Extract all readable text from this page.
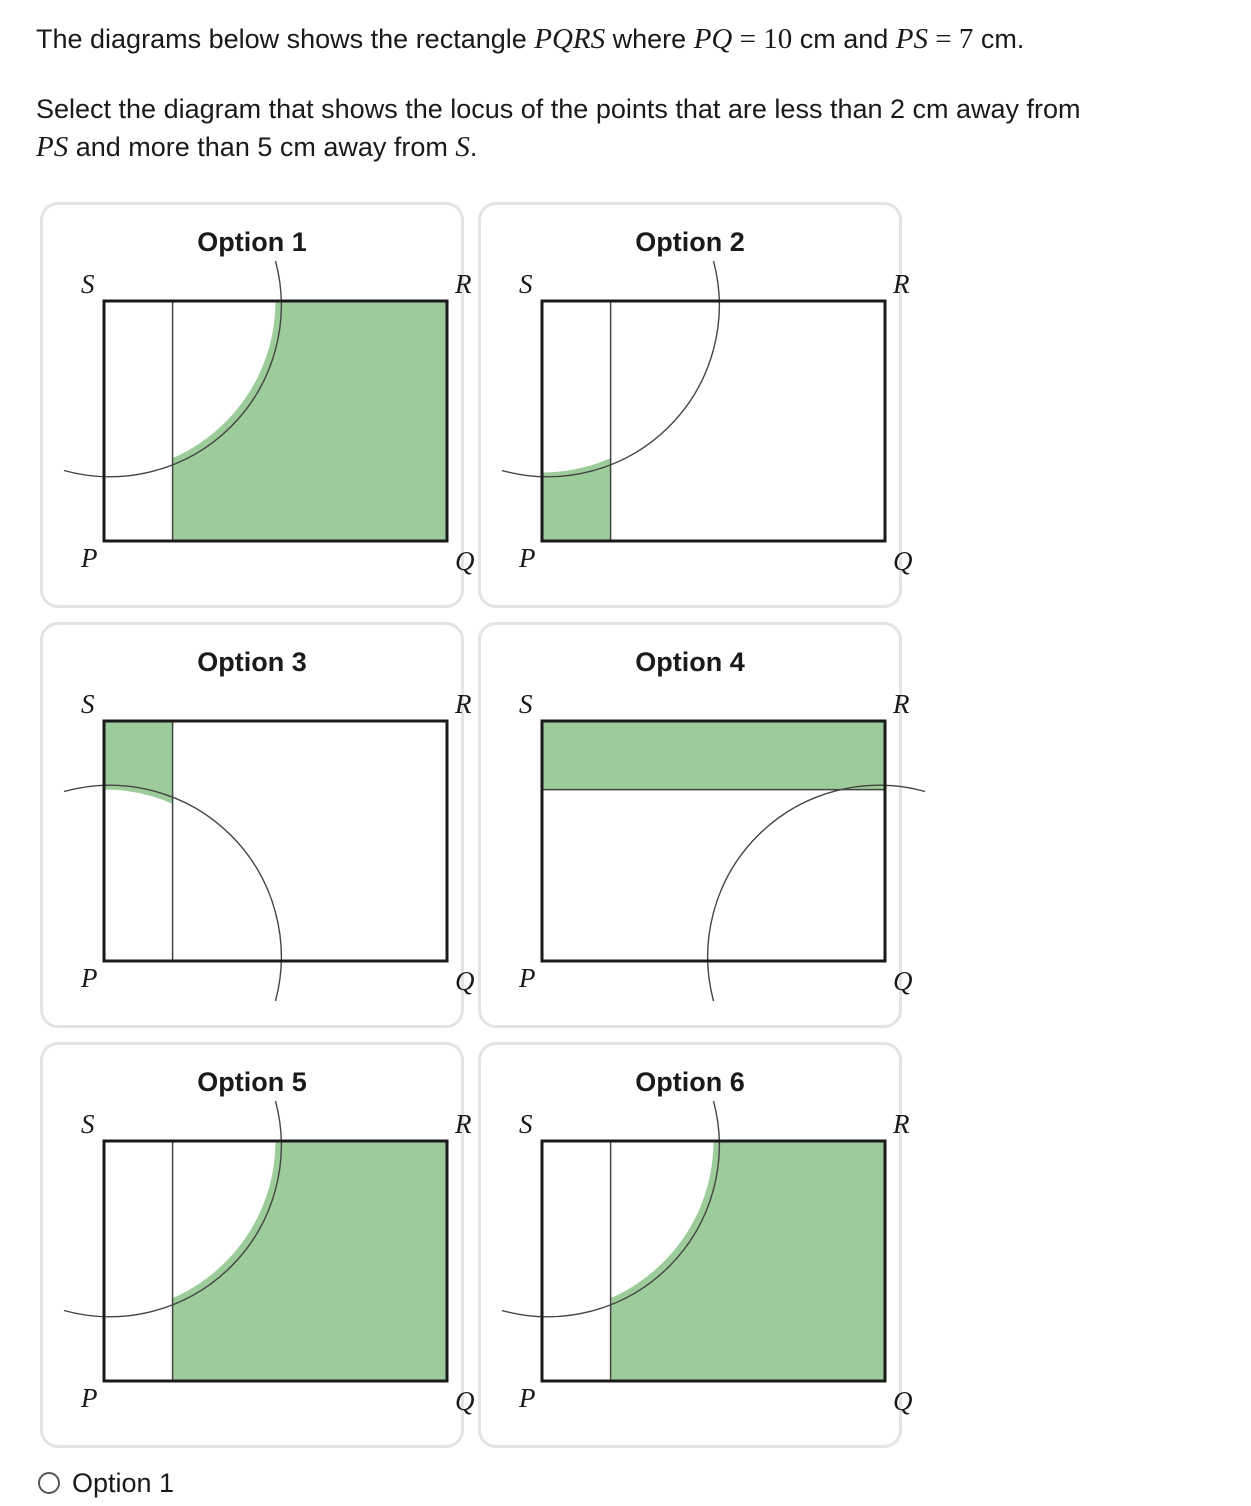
The diagrams below shows the rectangle PQRS where PQ = 10 cm and PS = 7 cm.

Select the diagram that shows the locus of the points that are less than 2 cm away from

PS and more than 5 cm away from S.

Option 1
S	R
P	Q
Option 2
S	R
P	Q
Option 3
S	R
P	Q
Option 4
S	R
P	Q
Option 5
S	R
P	Q
Option 6
S	R
P	Q
Option 1
